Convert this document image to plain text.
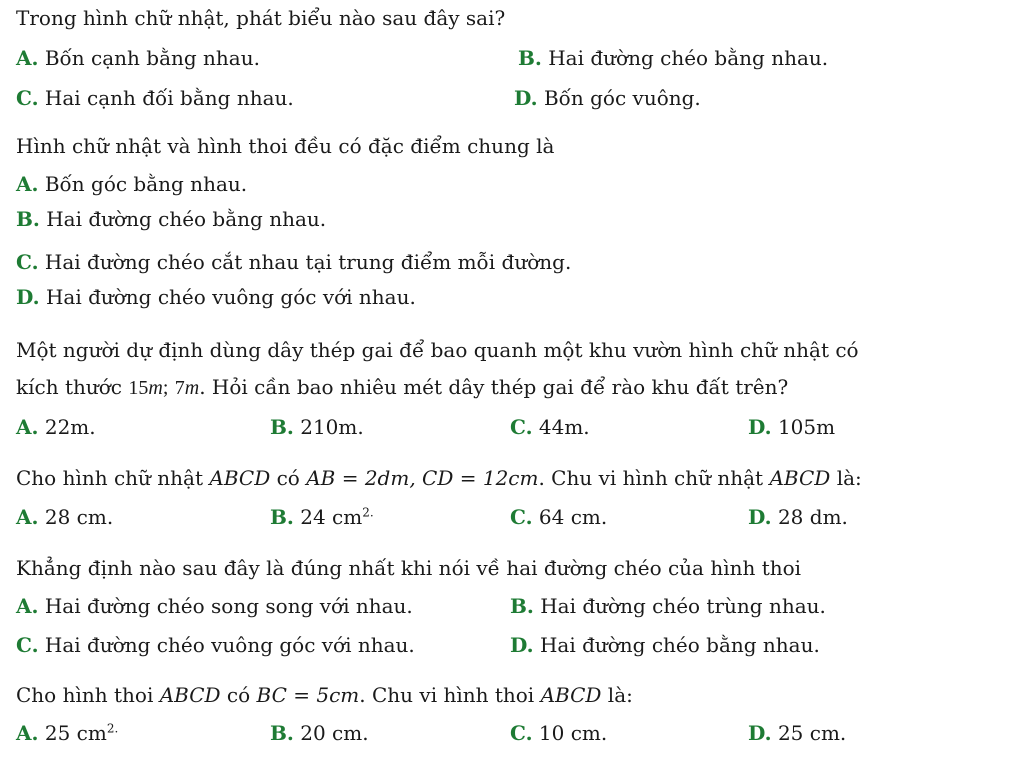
Trong hình chữ nhật, phát biểu nào sau đây sai?
A. Bốn cạnh bằng nhau.	B. Hai đường chéo bằng nhau.
C. Hai cạnh đối bằng nhau.	D. Bốn góc vuông.
Hình chữ nhật và hình thoi đều có đặc điểm chung là
A. Bốn góc bằng nhau.
B. Hai đường chéo bằng nhau.
C. Hai đường chéo cắt nhau tại trung điểm mỗi đường.
D. Hai đường chéo vuông góc với nhau.
Một người dự định dùng dây thép gai để bao quanh một khu vườn hình chữ nhật có
kích thước 15m; 7m. Hỏi cần bao nhiêu mét dây thép gai để rào khu đất trên?
A. 22m.	B. 210m.	C. 44m.	D. 105m
Cho hình chữ nhật ABCD có AB = 2dm, CD = 12cm. Chu vi hình chữ nhật ABCD là:
A. 28 cm.	B. 24 $cm^{2.}$	C. 64 cm.	D. 28 dm.
Khẳng định nào sau đây là đúng nhất khi nói về hai đường chéo của hình thoi
A. Hai đường chéo song song với nhau.	B. Hai đường chéo trùng nhau.
C. Hai đường chéo vuông góc với nhau.	D. Hai đường chéo bằng nhau.
Cho hình thoi ABCD có BC = 5cm. Chu vi hình thoi ABCD là:
A. 25 $cm^{2.}$	B. 20 cm.	C. 10 cm.	D. 25 cm.
